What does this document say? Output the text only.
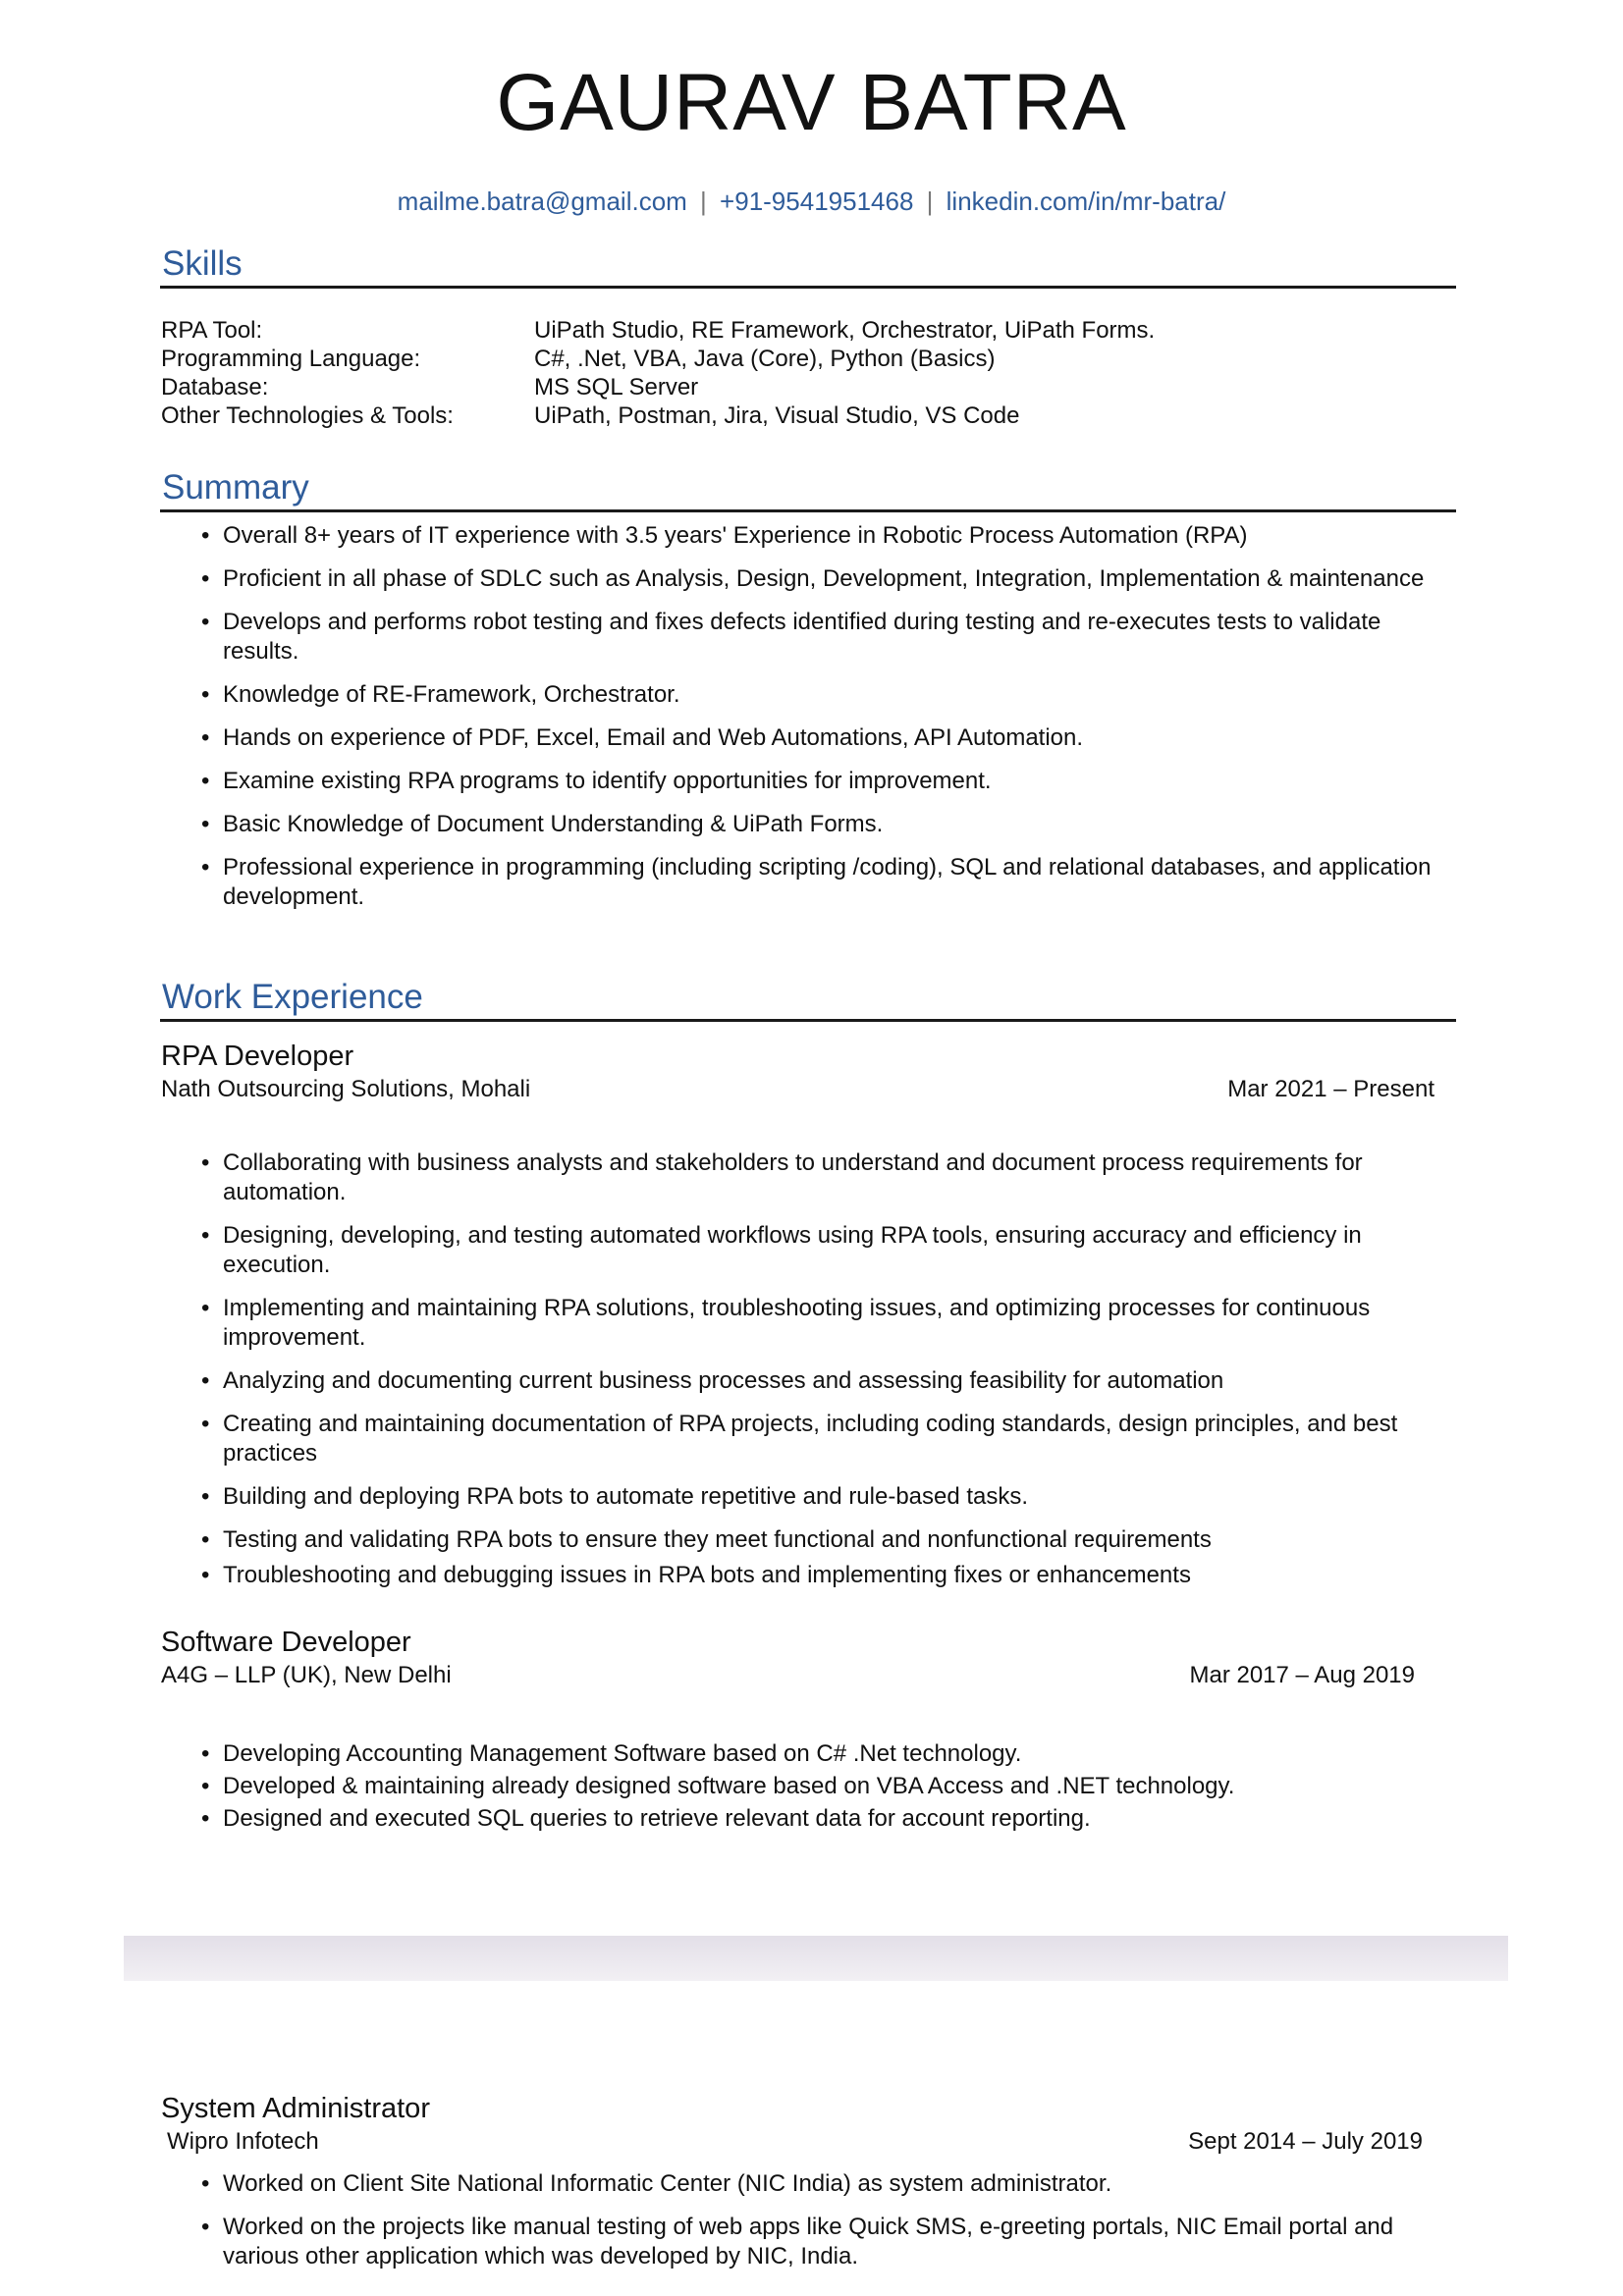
GAURAV BATRA
mailme.batra@gmail.com | +91-9541951468 | linkedin.com/in/mr-batra/
Skills
RPA Tool:	UiPath Studio, RE Framework, Orchestrator, UiPath Forms.
Programming Language:	C#, .Net, VBA, Java (Core), Python (Basics)
Database:	MS SQL Server
Other Technologies & Tools:	UiPath, Postman, Jira, Visual Studio, VS Code
Summary
• Overall 8+ years of IT experience with 3.5 years' Experience in Robotic Process Automation (RPA)
• Proficient in all phase of SDLC such as Analysis, Design, Development, Integration, Implementation & maintenance
• Develops and performs robot testing and fixes defects identified during testing and re-executes tests to validate results.
• Knowledge of RE-Framework, Orchestrator.
• Hands on experience of PDF, Excel, Email and Web Automations, API Automation.
• Examine existing RPA programs to identify opportunities for improvement.
• Basic Knowledge of Document Understanding & UiPath Forms.
• Professional experience in programming (including scripting /coding), SQL and relational databases, and application development.
Work Experience
RPA Developer
Nath Outsourcing Solutions, Mohali	Mar 2021 – Present
• Collaborating with business analysts and stakeholders to understand and document process requirements for automation.
• Designing, developing, and testing automated workflows using RPA tools, ensuring accuracy and efficiency in execution.
• Implementing and maintaining RPA solutions, troubleshooting issues, and optimizing processes for continuous improvement.
• Analyzing and documenting current business processes and assessing feasibility for automation
• Creating and maintaining documentation of RPA projects, including coding standards, design principles, and best practices
• Building and deploying RPA bots to automate repetitive and rule-based tasks.
• Testing and validating RPA bots to ensure they meet functional and nonfunctional requirements
• Troubleshooting and debugging issues in RPA bots and implementing fixes or enhancements
Software Developer
A4G – LLP (UK), New Delhi	Mar 2017 – Aug 2019
• Developing Accounting Management Software based on C# .Net technology.
• Developed & maintaining already designed software based on VBA Access and .NET technology.
• Designed and executed SQL queries to retrieve relevant data for account reporting.
System Administrator
Wipro Infotech	Sept 2014 – July 2019
• Worked on Client Site National Informatic Center (NIC India) as system administrator.
• Worked on the projects like manual testing of web apps like Quick SMS, e-greeting portals, NIC Email portal and various other application which was developed by NIC, India.
